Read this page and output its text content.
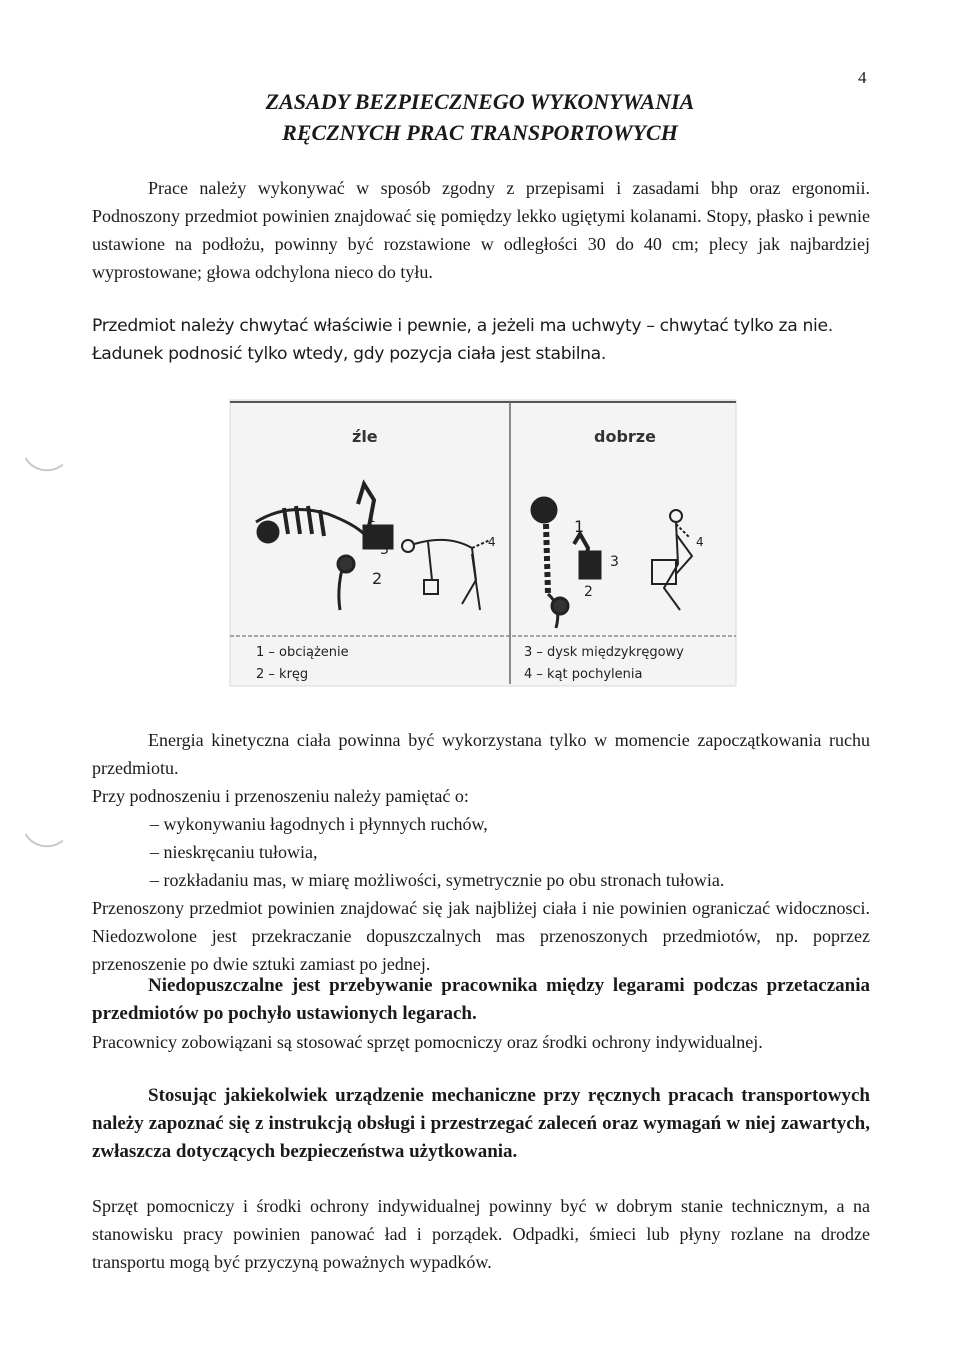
4
ZASADY BEZPIECZNEGO WYKONYWANIA
RĘCZNYCH PRAC TRANSPORTOWYCH

Prace należy wykonywać w sposób zgodny z przepisami i zasadami bhp oraz ergonomii. Podnoszony przedmiot powinien znajdować się pomiędzy lekko ugiętymi kolanami. Stopy, płasko i pewnie ustawione na podłożu, powinny być rozstawione w odległości 30 do 40 cm; plecy jak najbardziej wyprostowane; głowa odchylona nieco do tyłu.

Przedmiot należy chwytać właściwie i pewnie, a jeżeli ma uchwyty – chwytać tylko za nie.

Ładunek podnosić tylko wtedy, gdy pozycja ciała jest stabilna.

źle	dobrze
1
2
3	4
1
2
3
4
1 – obciążenie
2 – kręg
3 – dysk międzykręgowy
4 – kąt pochylenia

Energia kinetyczna ciała powinna być wykorzystana tylko w momencie zapoczątkowania ruchu przedmiotu.

Przy podnoszeniu i przenoszeniu należy pamiętać o:

– wykonywaniu łagodnych i płynnych ruchów,
– nieskręcaniu tułowia,
– rozkładaniu mas, w miarę możliwości, symetrycznie po obu stronach tułowia.

Przenoszony przedmiot powinien znajdować się jak najbliżej ciała i nie powinien ograniczać widocznosci. Niedozwolone jest przekraczanie dopuszczalnych mas przenoszonych przedmiotów, np. poprzez przenoszenie po dwie sztuki zamiast po jednej.

Niedopuszczalne jest przebywanie pracownika między legarami podczas przetaczania przedmiotów po pochyło ustawionych legarach.

Pracownicy zobowiązani są stosować sprzęt pomocniczy oraz środki ochrony indywidualnej.

Stosując jakiekolwiek urządzenie mechaniczne przy ręcznych pracach transportowych należy zapoznać się z instrukcją obsługi i przestrzegać zaleceń oraz wymagań w niej zawartych, zwłaszcza dotyczących bezpieczeństwa użytkowania.

Sprzęt pomocniczy i środki ochrony indywidualnej powinny być w dobrym stanie technicznym, a na stanowisku pracy powinien panować ład i porządek. Odpadki, śmieci lub płyny rozlane na drodze transportu mogą być przyczyną poważnych wypadków.
